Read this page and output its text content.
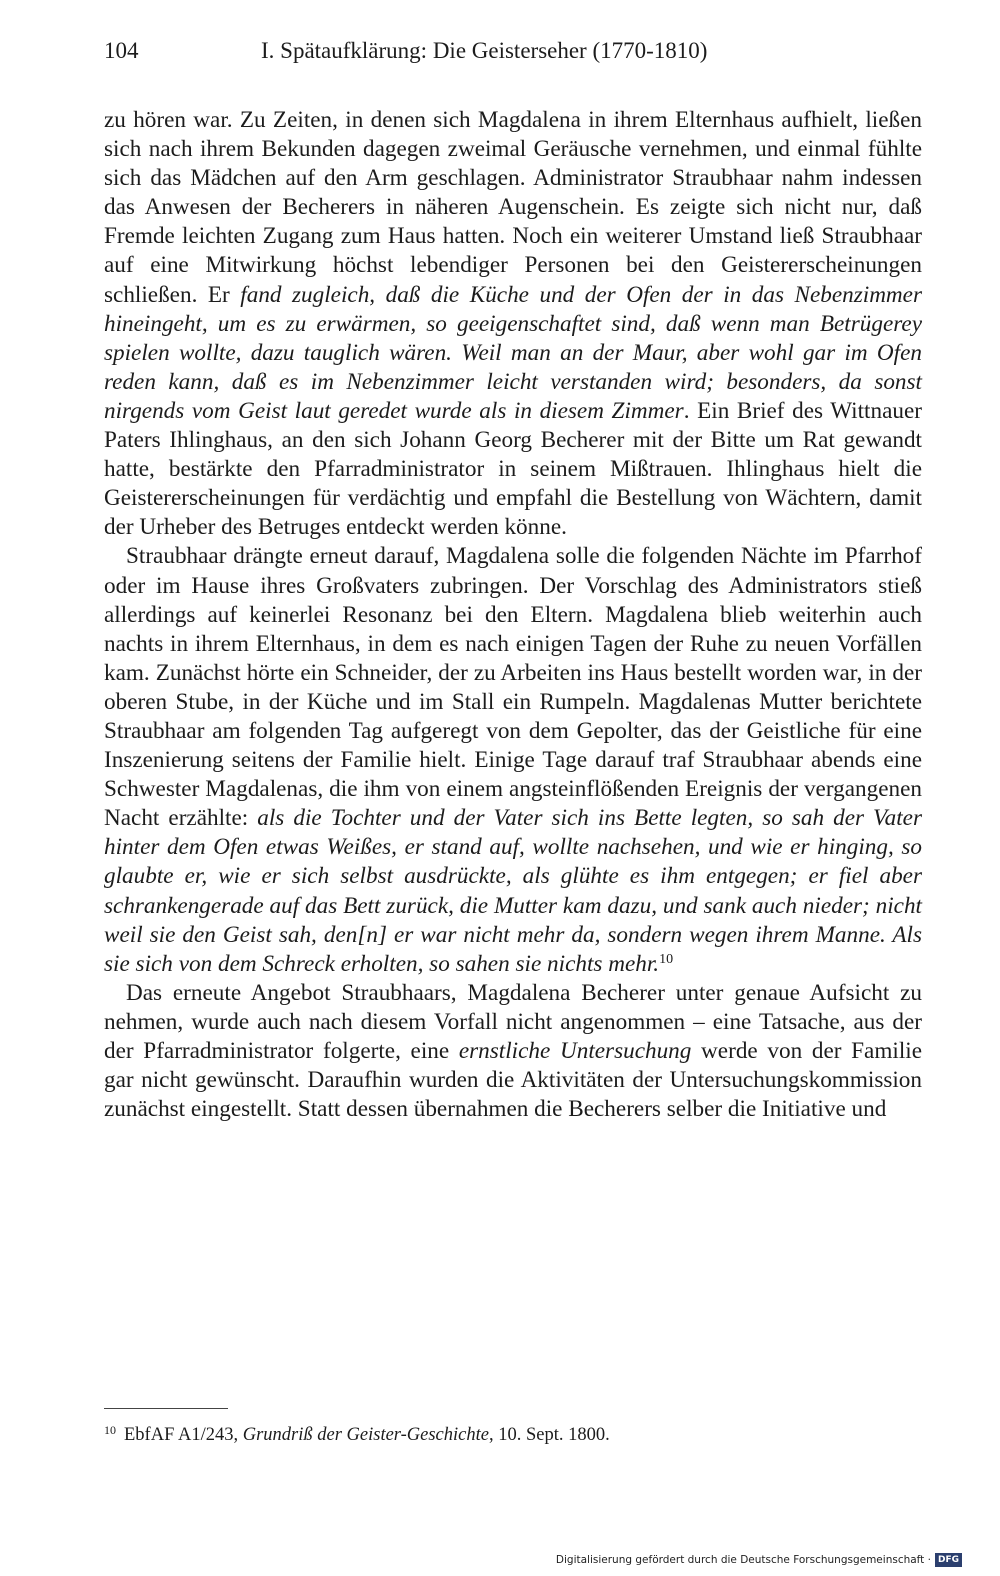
104	I. Spätaufklärung: Die Geisterseher (1770-1810)

zu hören war. Zu Zeiten, in denen sich Magdalena in ihrem Elternhaus aufhielt, ließen sich nach ihrem Bekunden dagegen zweimal Geräusche vernehmen, und einmal fühlte sich das Mädchen auf den Arm geschlagen. Administrator Straubhaar nahm indessen das Anwesen der Becherers in näheren Augenschein. Es zeigte sich nicht nur, daß Fremde leichten Zugang zum Haus hatten. Noch ein weiterer Umstand ließ Straubhaar auf eine Mitwirkung höchst lebendiger Personen bei den Geistererscheinungen schließen. Er fand zugleich, daß die Küche und der Ofen der in das Nebenzimmer hineingeht, um es zu erwärmen, so geeigenschaftet sind, daß wenn man Betrügerey spielen wollte, dazu tauglich wären. Weil man an der Maur, aber wohl gar im Ofen reden kann, daß es im Nebenzimmer leicht verstanden wird; besonders, da sonst nirgends vom Geist laut geredet wurde als in diesem Zimmer. Ein Brief des Wittnauer Paters Ihlinghaus, an den sich Johann Georg Becherer mit der Bitte um Rat gewandt hatte, bestärkte den Pfarradministrator in seinem Mißtrauen. Ihlinghaus hielt die Geistererscheinungen für verdächtig und empfahl die Bestellung von Wächtern, damit der Urheber des Betruges entdeckt werden könne.

Straubhaar drängte erneut darauf, Magdalena solle die folgenden Nächte im Pfarrhof oder im Hause ihres Großvaters zubringen. Der Vorschlag des Administrators stieß allerdings auf keinerlei Resonanz bei den Eltern. Magdalena blieb weiterhin auch nachts in ihrem Elternhaus, in dem es nach einigen Tagen der Ruhe zu neuen Vorfällen kam. Zunächst hörte ein Schneider, der zu Arbeiten ins Haus bestellt worden war, in der oberen Stube, in der Küche und im Stall ein Rumpeln. Magdalenas Mutter berichtete Straubhaar am folgenden Tag aufgeregt von dem Gepolter, das der Geistliche für eine Inszenierung seitens der Familie hielt. Einige Tage darauf traf Straubhaar abends eine Schwester Magdalenas, die ihm von einem angsteinflößenden Ereignis der vergangenen Nacht erzählte: als die Tochter und der Vater sich ins Bette legten, so sah der Vater hinter dem Ofen etwas Weißes, er stand auf, wollte nachsehen, und wie er hinging, so glaubte er, wie er sich selbst ausdrückte, als glühte es ihm entgegen; er fiel aber schrankengerade auf das Bett zurück, die Mutter kam dazu, und sank auch nieder; nicht weil sie den Geist sah, den[n] er war nicht mehr da, sondern wegen ihrem Manne. Als sie sich von dem Schreck erholten, so sahen sie nichts mehr.$^{10}$

Das erneute Angebot Straubhaars, Magdalena Becherer unter genaue Aufsicht zu nehmen, wurde auch nach diesem Vorfall nicht angenommen – eine Tatsache, aus der der Pfarradministrator folgerte, eine ernstliche Untersuchung werde von der Familie gar nicht gewünscht. Daraufhin wurden die Aktivitäten der Untersuchungskommission zunächst eingestellt. Statt dessen übernahmen die Becherers selber die Initiative und

$^{10}$ EbfAF A1/243, Grundriß der Geister-Geschichte, 10. Sept. 1800.
Digitalisierung gefördert durch die Deutsche Forschungsgemeinschaft · DFG
